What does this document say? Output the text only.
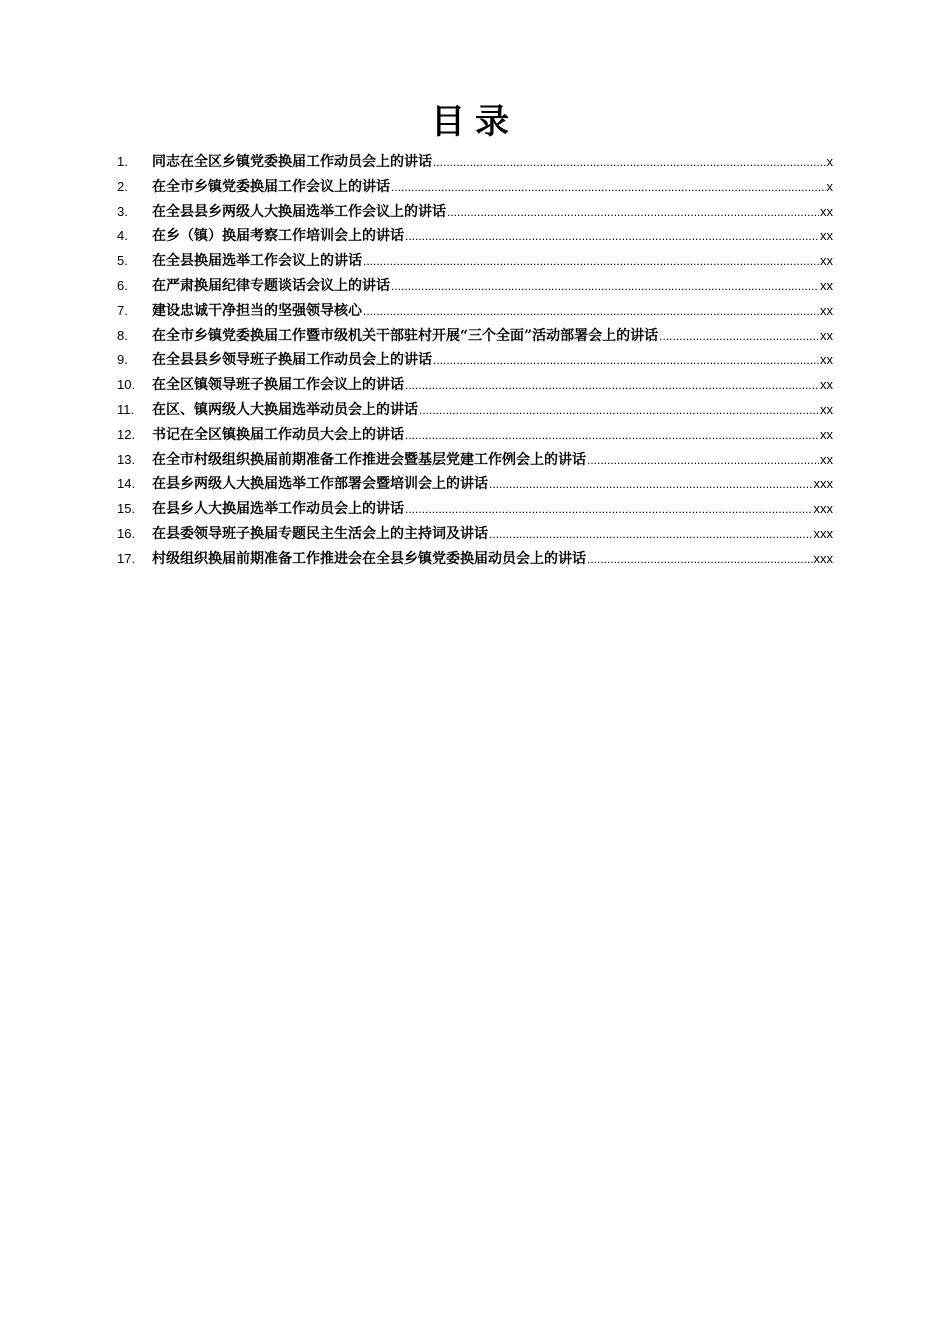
目录
1.	同志在全区乡镇党委换届工作动员会上的讲话 .....	x
2.	在全市乡镇党委换届工作会议上的讲话 .....	x
3.	在全县县乡两级人大换届选举工作会议上的讲话 .....	xx
4.	在乡（镇）换届考察工作培训会上的讲话 .....	xx
5.	在全县换届选举工作会议上的讲话 .....	xx
6.	在严肃换届纪律专题谈话会议上的讲话 .....	xx
7.	建设忠诚干净担当的坚强领导核心 .....	xx
8.	在全市乡镇党委换届工作暨市级机关干部驻村开展“三个全面”活动部署会上的讲话 .....	xx
9.	在全县县乡领导班子换届工作动员会上的讲话 .....	xx
10.	在全区镇领导班子换届工作会议上的讲话 .....	xx
11.	在区、镇两级人大换届选举动员会上的讲话 .....	xx
12.	书记在全区镇换届工作动员大会上的讲话 .....	xx
13.	在全市村级组织换届前期准备工作推进会暨基层党建工作例会上的讲话 .....	xx
14.	在县乡两级人大换届选举工作部署会暨培训会上的讲话 .....	xxx
15.	在县乡人大换届选举工作动员会上的讲话 .....	xxx
16.	在县委领导班子换届专题民主生活会上的主持词及讲话 .....	xxx
17.	村级组织换届前期准备工作推进会在全县乡镇党委换届动员会上的讲话 .....	xxx
